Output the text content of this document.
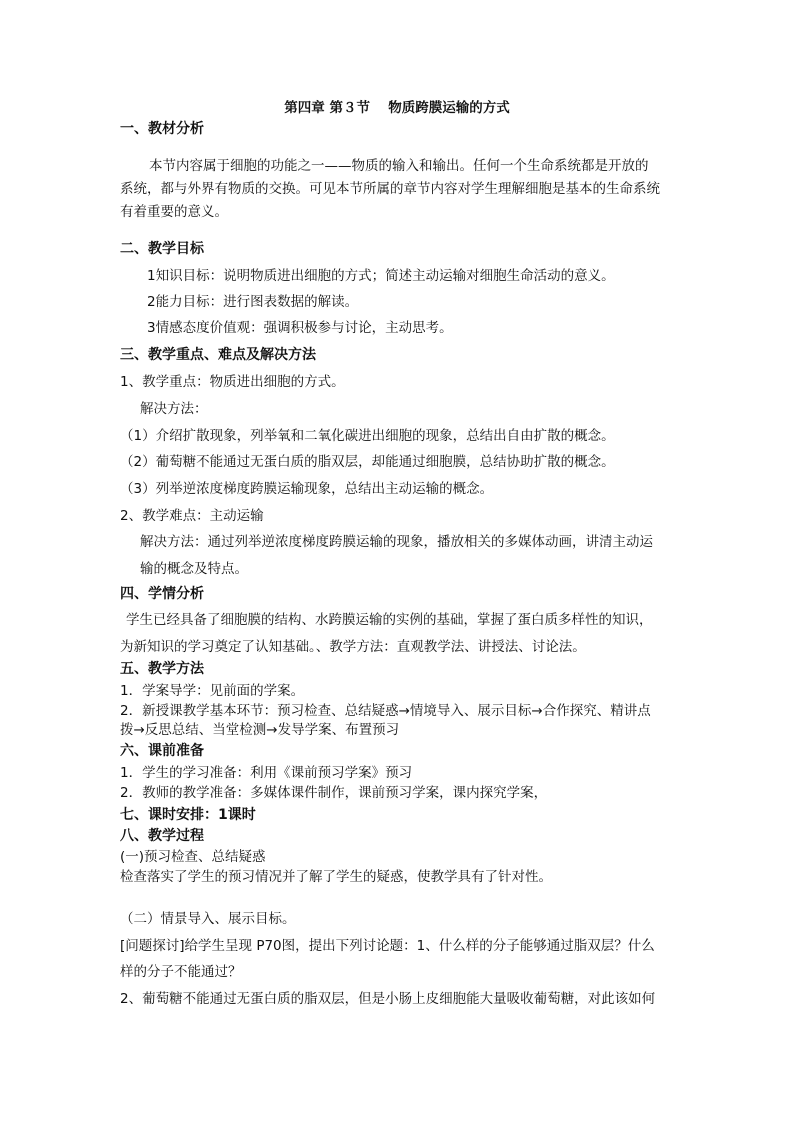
第四章 第３节　 物质跨膜运输的方式
一、教材分析
本节内容属于细胞的功能之一——物质的输入和输出。任何一个生命系统都是开放的
系统，都与外界有物质的交换。可见本节所属的章节内容对学生理解细胞是基本的生命系统
有着重要的意义。
二、教学目标
1知识目标：说明物质进出细胞的方式；简述主动运输对细胞生命活动的意义。
2能力目标：进行图表数据的解读。
3情感态度价值观：强调积极参与讨论，主动思考。
三、教学重点、难点及解决方法
1、教学重点：物质进出细胞的方式。
解决方法：
（1）介绍扩散现象，列举氧和二氧化碳进出细胞的现象，总结出自由扩散的概念。
（2）葡萄糖不能通过无蛋白质的脂双层，却能通过细胞膜，总结协助扩散的概念。
（3）列举逆浓度梯度跨膜运输现象，总结出主动运输的概念。
2、教学难点：主动运输
解决方法：通过列举逆浓度梯度跨膜运输的现象，播放相关的多媒体动画，讲清主动运
输的概念及特点。
四、学情分析
学生已经具备了细胞膜的结构、水跨膜运输的实例的基础，掌握了蛋白质多样性的知识，
为新知识的学习奠定了认知基础。、教学方法：直观教学法、讲授法、讨论法。
五、教学方法
1．学案导学：见前面的学案。
2．新授课教学基本环节：预习检查、总结疑惑→情境导入、展示目标→合作探究、精讲点
拨→反思总结、当堂检测→发导学案、布置预习
六、课前准备
1．学生的学习准备：利用《课前预习学案》预习
2．教师的教学准备：多媒体课件制作，课前预习学案，课内探究学案，
七、课时安排：1课时
八、教学过程
(一)预习检查、总结疑惑
检查落实了学生的预习情况并了解了学生的疑惑，使教学具有了针对性。
（二）情景导入、展示目标。
[问题探讨]给学生呈现 P70图，提出下列讨论题：1、什么样的分子能够通过脂双层？什么
样的分子不能通过？
2、葡萄糖不能通过无蛋白质的脂双层，但是小肠上皮细胞能大量吸收葡萄糖，对此该如何
